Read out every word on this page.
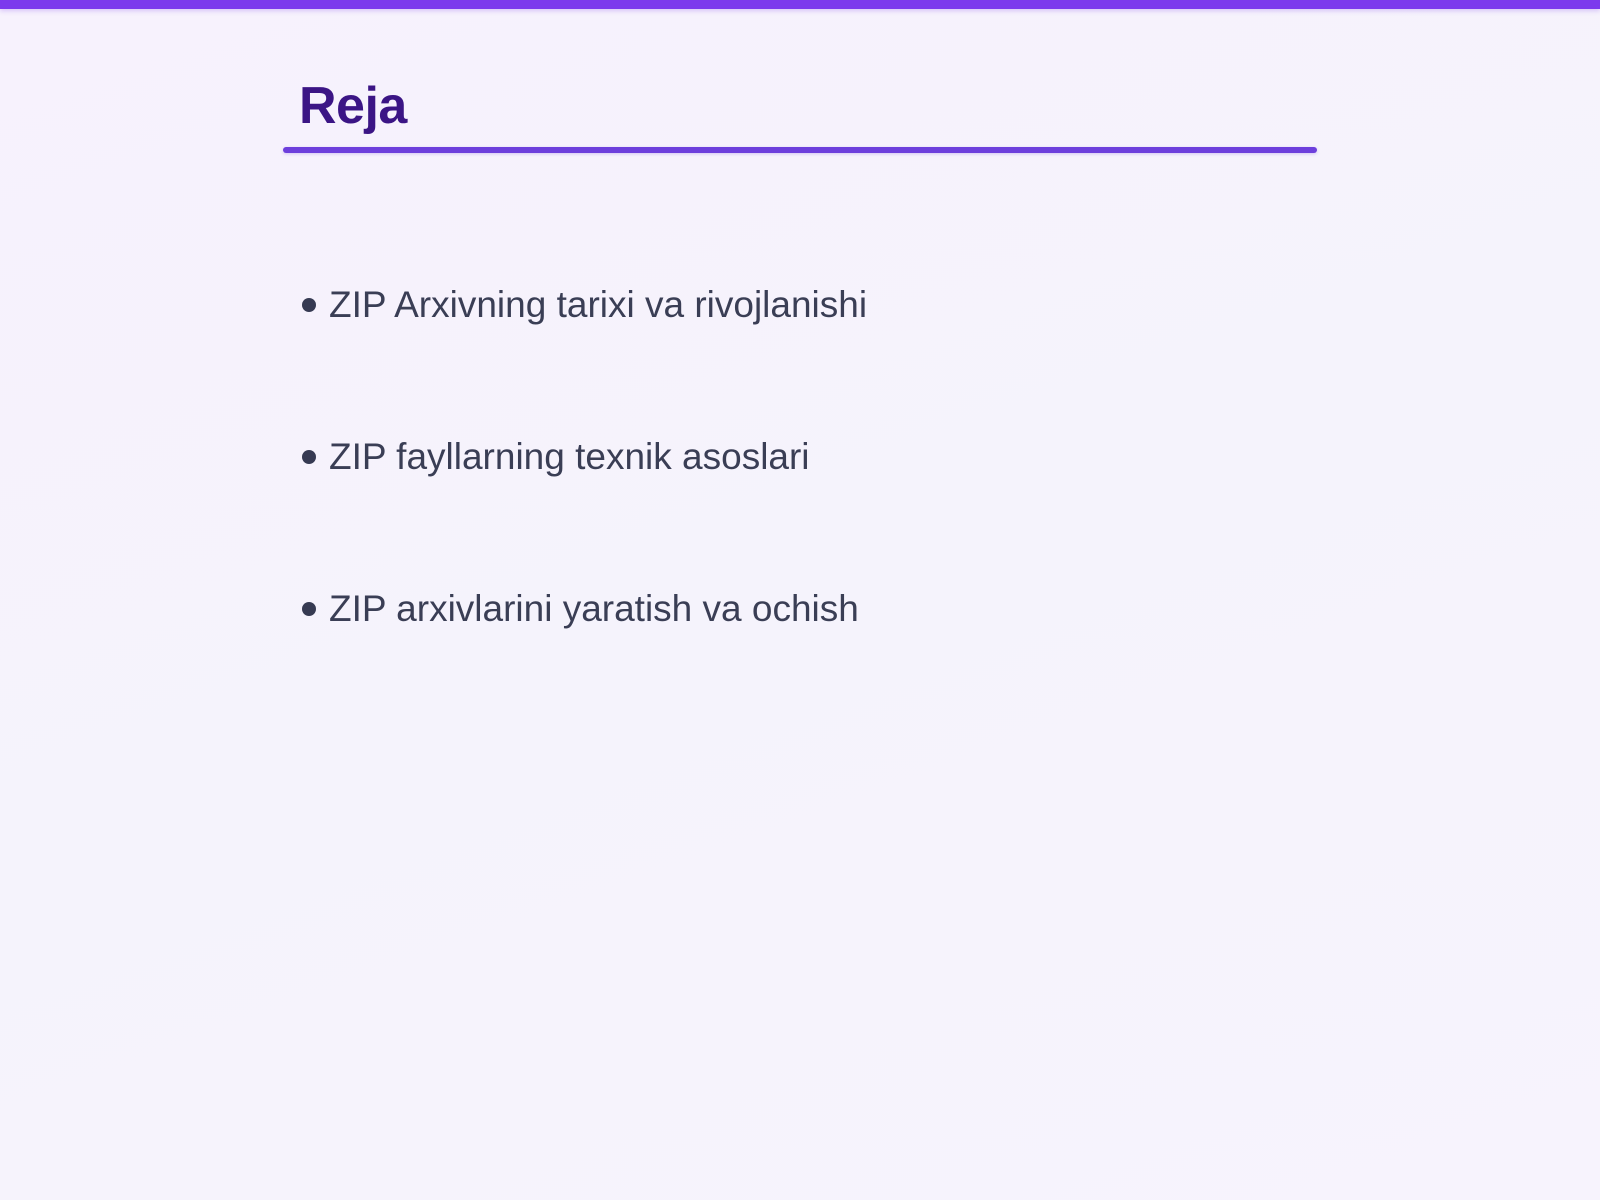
Reja
ZIP Arxivning tarixi va rivojlanishi
ZIP fayllarning texnik asoslari
ZIP arxivlarini yaratish va ochish
